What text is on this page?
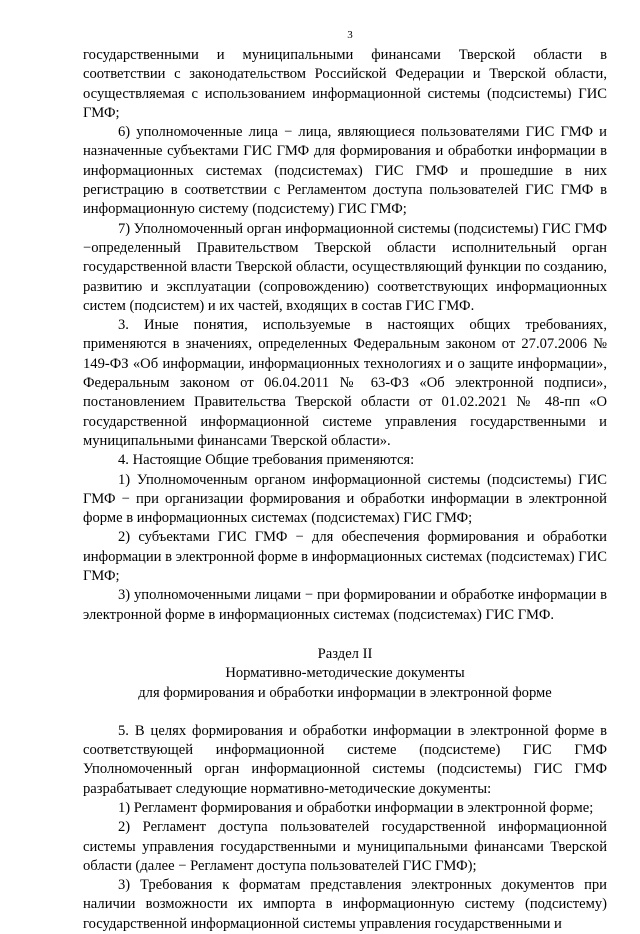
3

государственными и муниципальными финансами Тверской области в соответствии с законодательством Российской Федерации и Тверской области, осуществляемая с использованием информационной системы (подсистемы) ГИС ГМФ;

6) уполномоченные лица − лица, являющиеся пользователями ГИС ГМФ и назначенные субъектами ГИС ГМФ для формирования и обработки информации в информационных системах (подсистемах) ГИС ГМФ и прошедшие в них регистрацию в соответствии с Регламентом доступа пользователей ГИС ГМФ в информационную систему (подсистему) ГИС ГМФ;

7) Уполномоченный орган информационной системы (подсистемы) ГИС ГМФ −определенный Правительством Тверской области исполнительный орган государственной власти Тверской области, осуществляющий функции по созданию, развитию и эксплуатации (сопровождению) соответствующих информационных систем (подсистем) и их частей, входящих в состав ГИС ГМФ.

3. Иные понятия, используемые в настоящих общих требованиях, применяются в значениях, определенных Федеральным законом от 27.07.2006 № 149-ФЗ «Об информации, информационных технологиях и о защите информации», Федеральным законом от 06.04.2011 № 63-ФЗ «Об электронной подписи», постановлением Правительства Тверской области от 01.02.2021 № 48-пп «О государственной информационной системе управления государственными и муниципальными финансами Тверской области».

4. Настоящие Общие требования применяются:

1) Уполномоченным органом информационной системы (подсистемы) ГИС ГМФ − при организации формирования и обработки информации в электронной форме в информационных системах (подсистемах) ГИС ГМФ;

2) субъектами ГИС ГМФ − для обеспечения формирования и обработки информации в электронной форме в информационных системах (подсистемах) ГИС ГМФ;

3) уполномоченными лицами − при формировании и обработке информации в электронной форме в информационных системах (подсистемах) ГИС ГМФ.

Раздел II
Нормативно-методические документы
для формирования и обработки информации в электронной форме

5. В целях формирования и обработки информации в электронной форме в соответствующей информационной системе (подсистеме) ГИС ГМФ Уполномоченный орган информационной системы (подсистемы) ГИС ГМФ разрабатывает следующие нормативно-методические документы:

1) Регламент формирования и обработки информации в электронной форме;

2) Регламент доступа пользователей государственной информационной системы управления государственными и муниципальными финансами Тверской области (далее − Регламент доступа пользователей ГИС ГМФ);

3) Требования к форматам представления электронных документов при наличии возможности их импорта в информационную систему (подсистему) государственной информационной системы управления государственными и
